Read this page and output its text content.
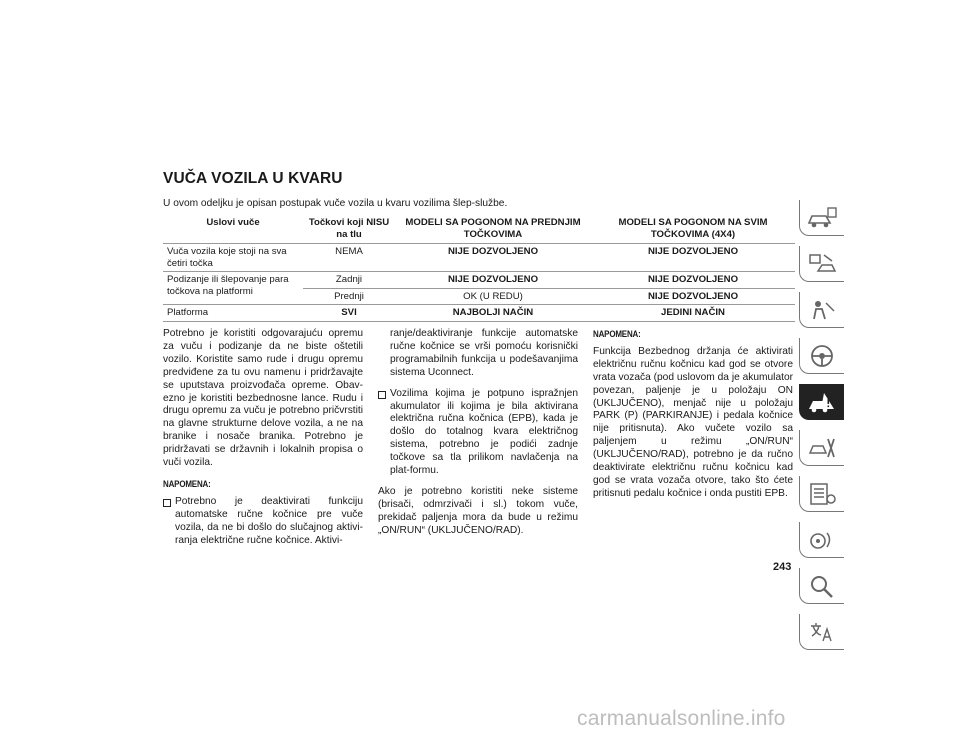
VUČA VOZILA U KVARU
U ovom odeljku je opisan postupak vuče vozila u kvaru vozilima šlep-službe.
Uslovi vuče	Točkovi koji NISU na tlu	MODELI SA POGONOM NA PREDNJIM TOČKOVIMA	MODELI SA POGONOM NA SVIM TOČKOVIMA (4X4)
Vuča vozila koje stoji na sva četiri točka	NEMA	NIJE DOZVOLJENO	NIJE DOZVOLJENO
Podizanje ili šlepovanje para točkova na platformi	Zadnji	NIJE DOZVOLJENO	NIJE DOZVOLJENO
	Prednji	OK (U REDU)	NIJE DOZVOLJENO
Platforma	SVI	NAJBOLJI NAČIN	JEDINI NAČIN

Potrebno je koristiti odgovarajuću opremu za vuču i podizanje da ne biste oštetili vozilo. Koristite samo rude i drugu opremu predviđene za tu ovu namenu i pridržavajte se uputstava proizvođača opreme. Obav-ezno je koristiti bezbednosne lance. Rudu i drugu opremu za vuču je potrebno pričvrstiti na glavne strukturne delove vozila, a ne na branike i nosače branika. Potrebno je pridržavati se državnih i lokalnih propisa o vuči vozila.

NAPOMENA:
Potrebno je deaktivirati funkciju automatske ručne kočnice pre vuče vozila, da ne bi došlo do slučajnog aktivi-ranja električne ručne kočnice. Aktivi-
ranje/deaktiviranje funkcije automatske ručne kočnice se vrši pomoću korisnički programabilnih funkcija u podešavanjima sistema Uconnect.
Vozilima kojima je potpuno ispražnjen akumulator ili kojima je bila aktivirana električna ručna kočnica (EPB), kada je došlo do totalnog kvara električnog sistema, potrebno je podići zadnje točkove sa tla prilikom navlačenja na plat-formu.

Ako je potrebno koristiti neke sisteme (brisači, odmrzivači i sl.) tokom vuče, prekidač paljenja mora da bude u režimu „ON/RUN“ (UKLJUČENO/RAD).

NAPOMENA:

Funkcija Bezbednog držanja će aktivirati električnu ručnu kočnicu kad god se otvore vrata vozača (pod uslovom da je akumulator povezan, paljenje je u položaju ON (UKLJUČENO), menjač nije u položaju PARK (P) (PARKIRANJE) i pedala kočnice nije pritisnuta). Ako vučete vozilo sa paljenjem u režimu „ON/RUN“ (UKLJUČENO/RAD), potrebno je da ručno deaktivirate električnu ručnu kočnicu kad god se vrata vozača otvore, tako što ćete pritisnuti pedalu kočnice i onda pustiti EPB.

243
carmanualsonline.info
